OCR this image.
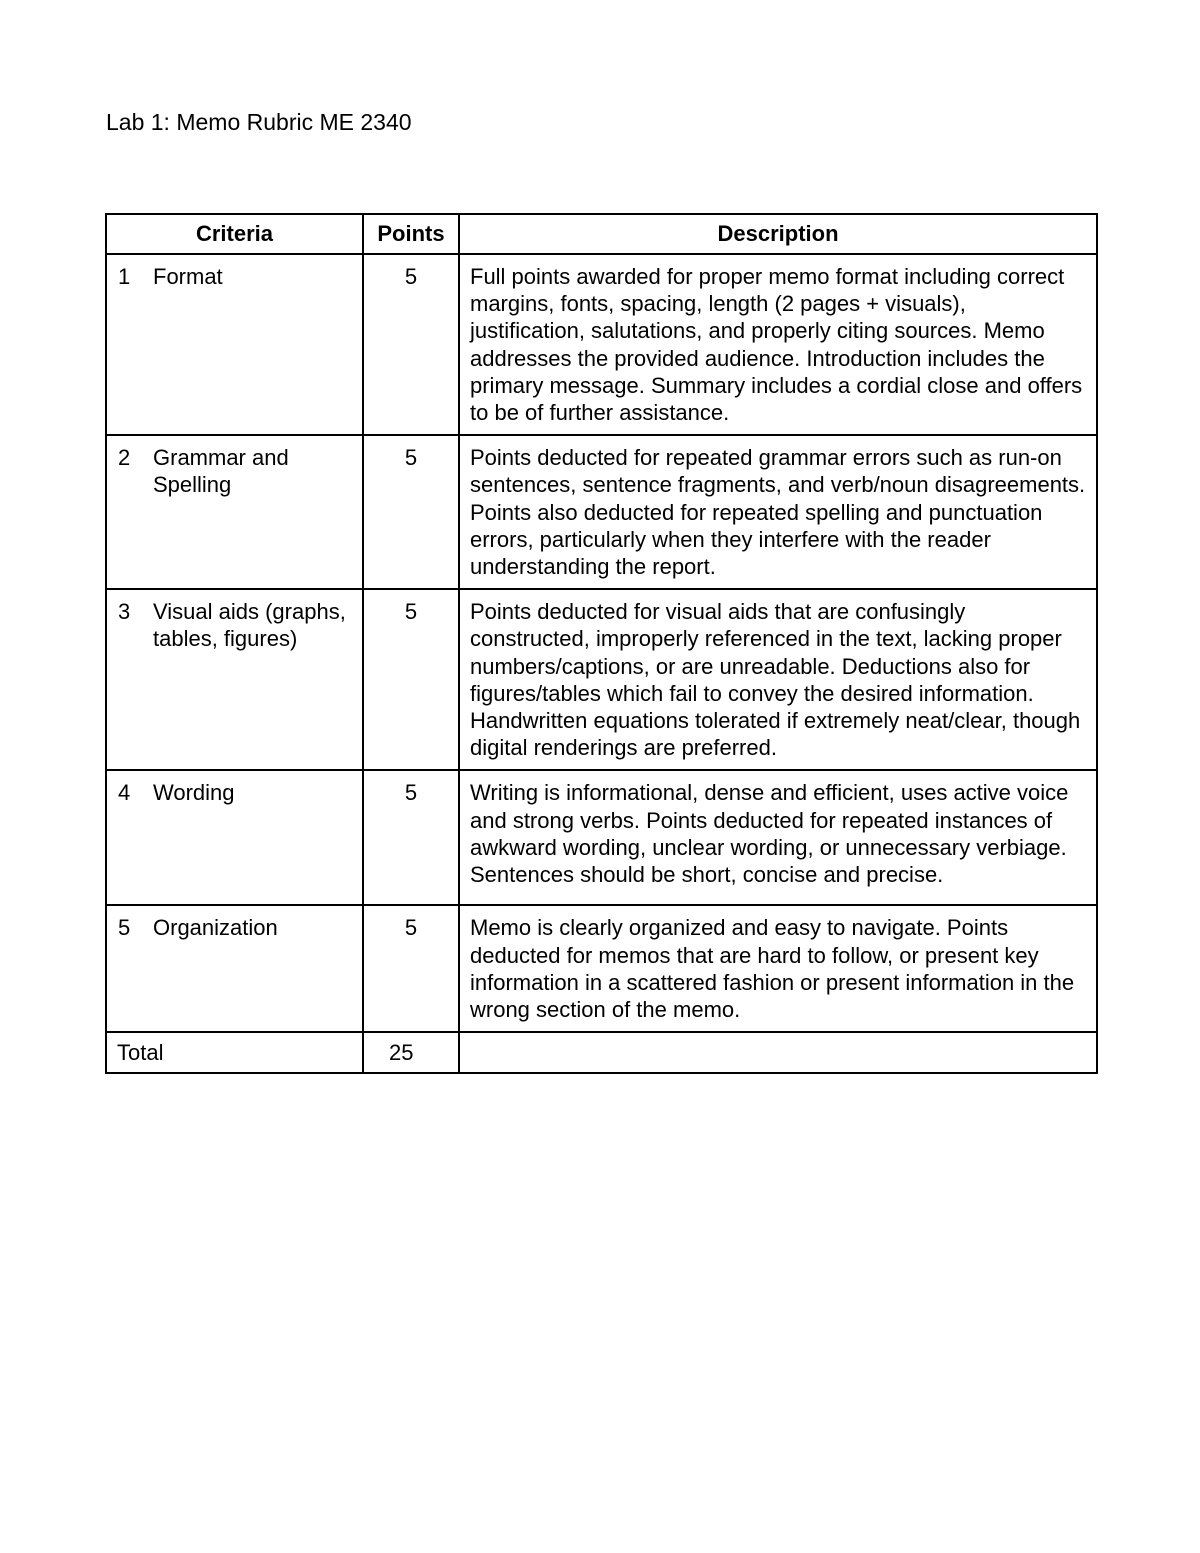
Lab 1: Memo Rubric ME 2340
Criteria	Points	Description

1 Format	5	Full points awarded for proper memo format including correct margins, fonts, spacing, length (2 pages + visuals), justification, salutations, and properly citing sources. Memo addresses the provided audience. Introduction includes the primary message. Summary includes a cordial close and offers to be of further assistance.

2 Grammar and Spelling	5	Points deducted for repeated grammar errors such as run-on sentences, sentence fragments, and verb/noun disagreements. Points also deducted for repeated spelling and punctuation errors, particularly when they interfere with the reader understanding the report.

3 Visual aids (graphs, tables, figures)	5	Points deducted for visual aids that are confusingly constructed, improperly referenced in the text, lacking proper numbers/captions, or are unreadable. Deductions also for figures/tables which fail to convey the desired information. Handwritten equations tolerated if extremely neat/clear, though digital renderings are preferred.

4 Wording	5	Writing is informational, dense and efficient, uses active voice and strong verbs. Points deducted for repeated instances of awkward wording, unclear wording, or unnecessary verbiage. Sentences should be short, concise and precise.

5 Organization	5	Memo is clearly organized and easy to navigate. Points deducted for memos that are hard to follow, or present key information in a scattered fashion or present information in the wrong section of the memo.

Total	25	
